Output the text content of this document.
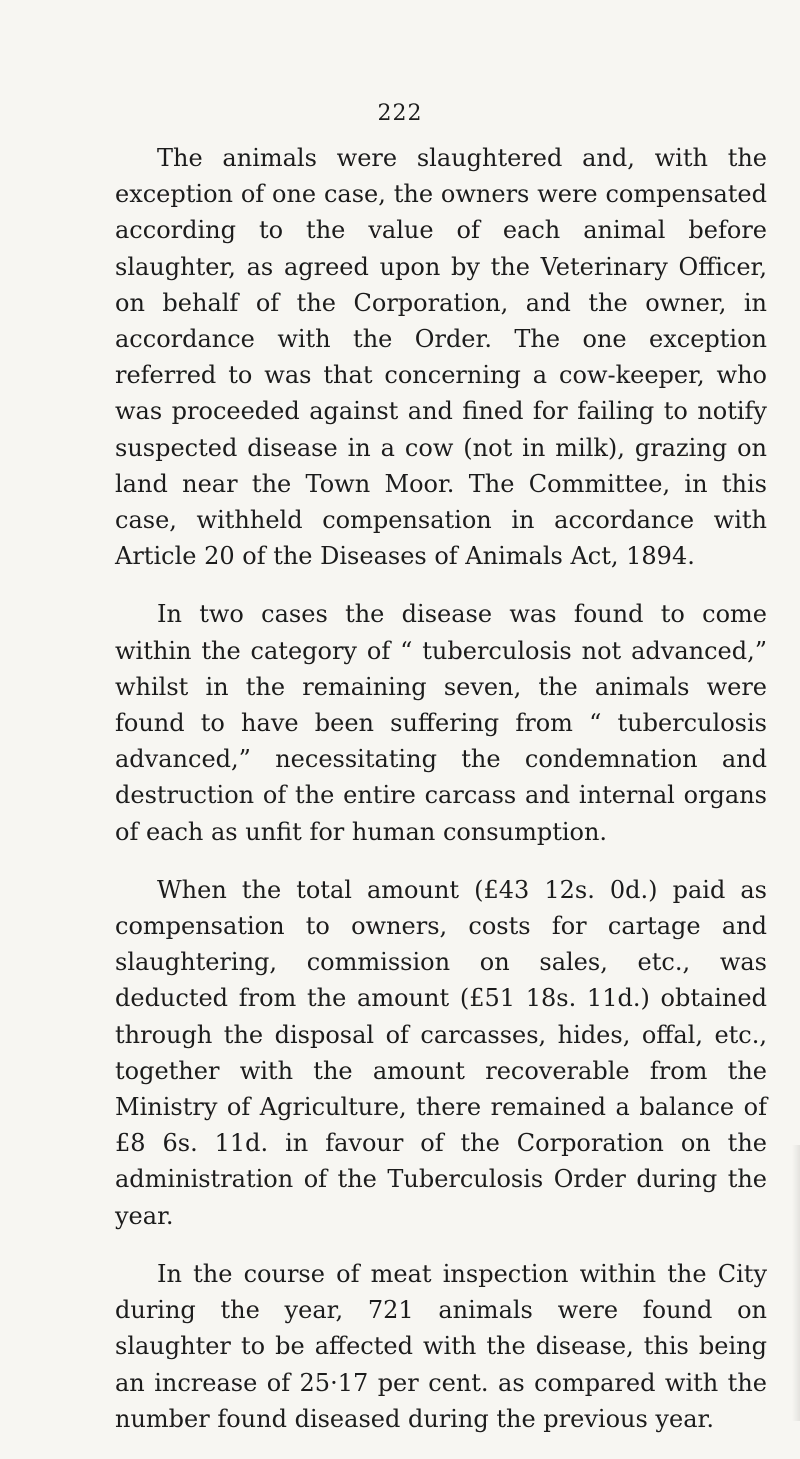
222

The animals were slaughtered and, with the exception of one case, the owners were compensated according to the value of each animal before slaughter, as agreed upon by the Veterinary Officer, on behalf of the Corporation, and the owner, in accordance with the Order. The one exception referred to was that concerning a cow-keeper, who was proceeded against and fined for failing to notify suspected disease in a cow (not in milk), grazing on land near the Town Moor. The Committee, in this case, withheld compensation in accordance with Article 20 of the Diseases of Animals Act, 1894.

In two cases the disease was found to come within the category of “ tuberculosis not advanced,” whilst in the remaining seven, the animals were found to have been suffering from “ tuberculosis advanced,” necessitating the condemnation and destruction of the entire carcass and internal organs of each as unfit for human consumption.

When the total amount (£43 12s. 0d.) paid as compensation to owners, costs for cartage and slaughtering, commission on sales, etc., was deducted from the amount (£51 18s. 11d.) obtained through the disposal of carcasses, hides, offal, etc., together with the amount recoverable from the Ministry of Agriculture, there remained a balance of £8 6s. 11d. in favour of the Corporation on the administration of the Tuberculosis Order during the year.

In the course of meat inspection within the City during the year, 721 animals were found on slaughter to be affected with the disease, this being an increase of 25·17 per cent. as compared with the number found diseased during the previous year.
